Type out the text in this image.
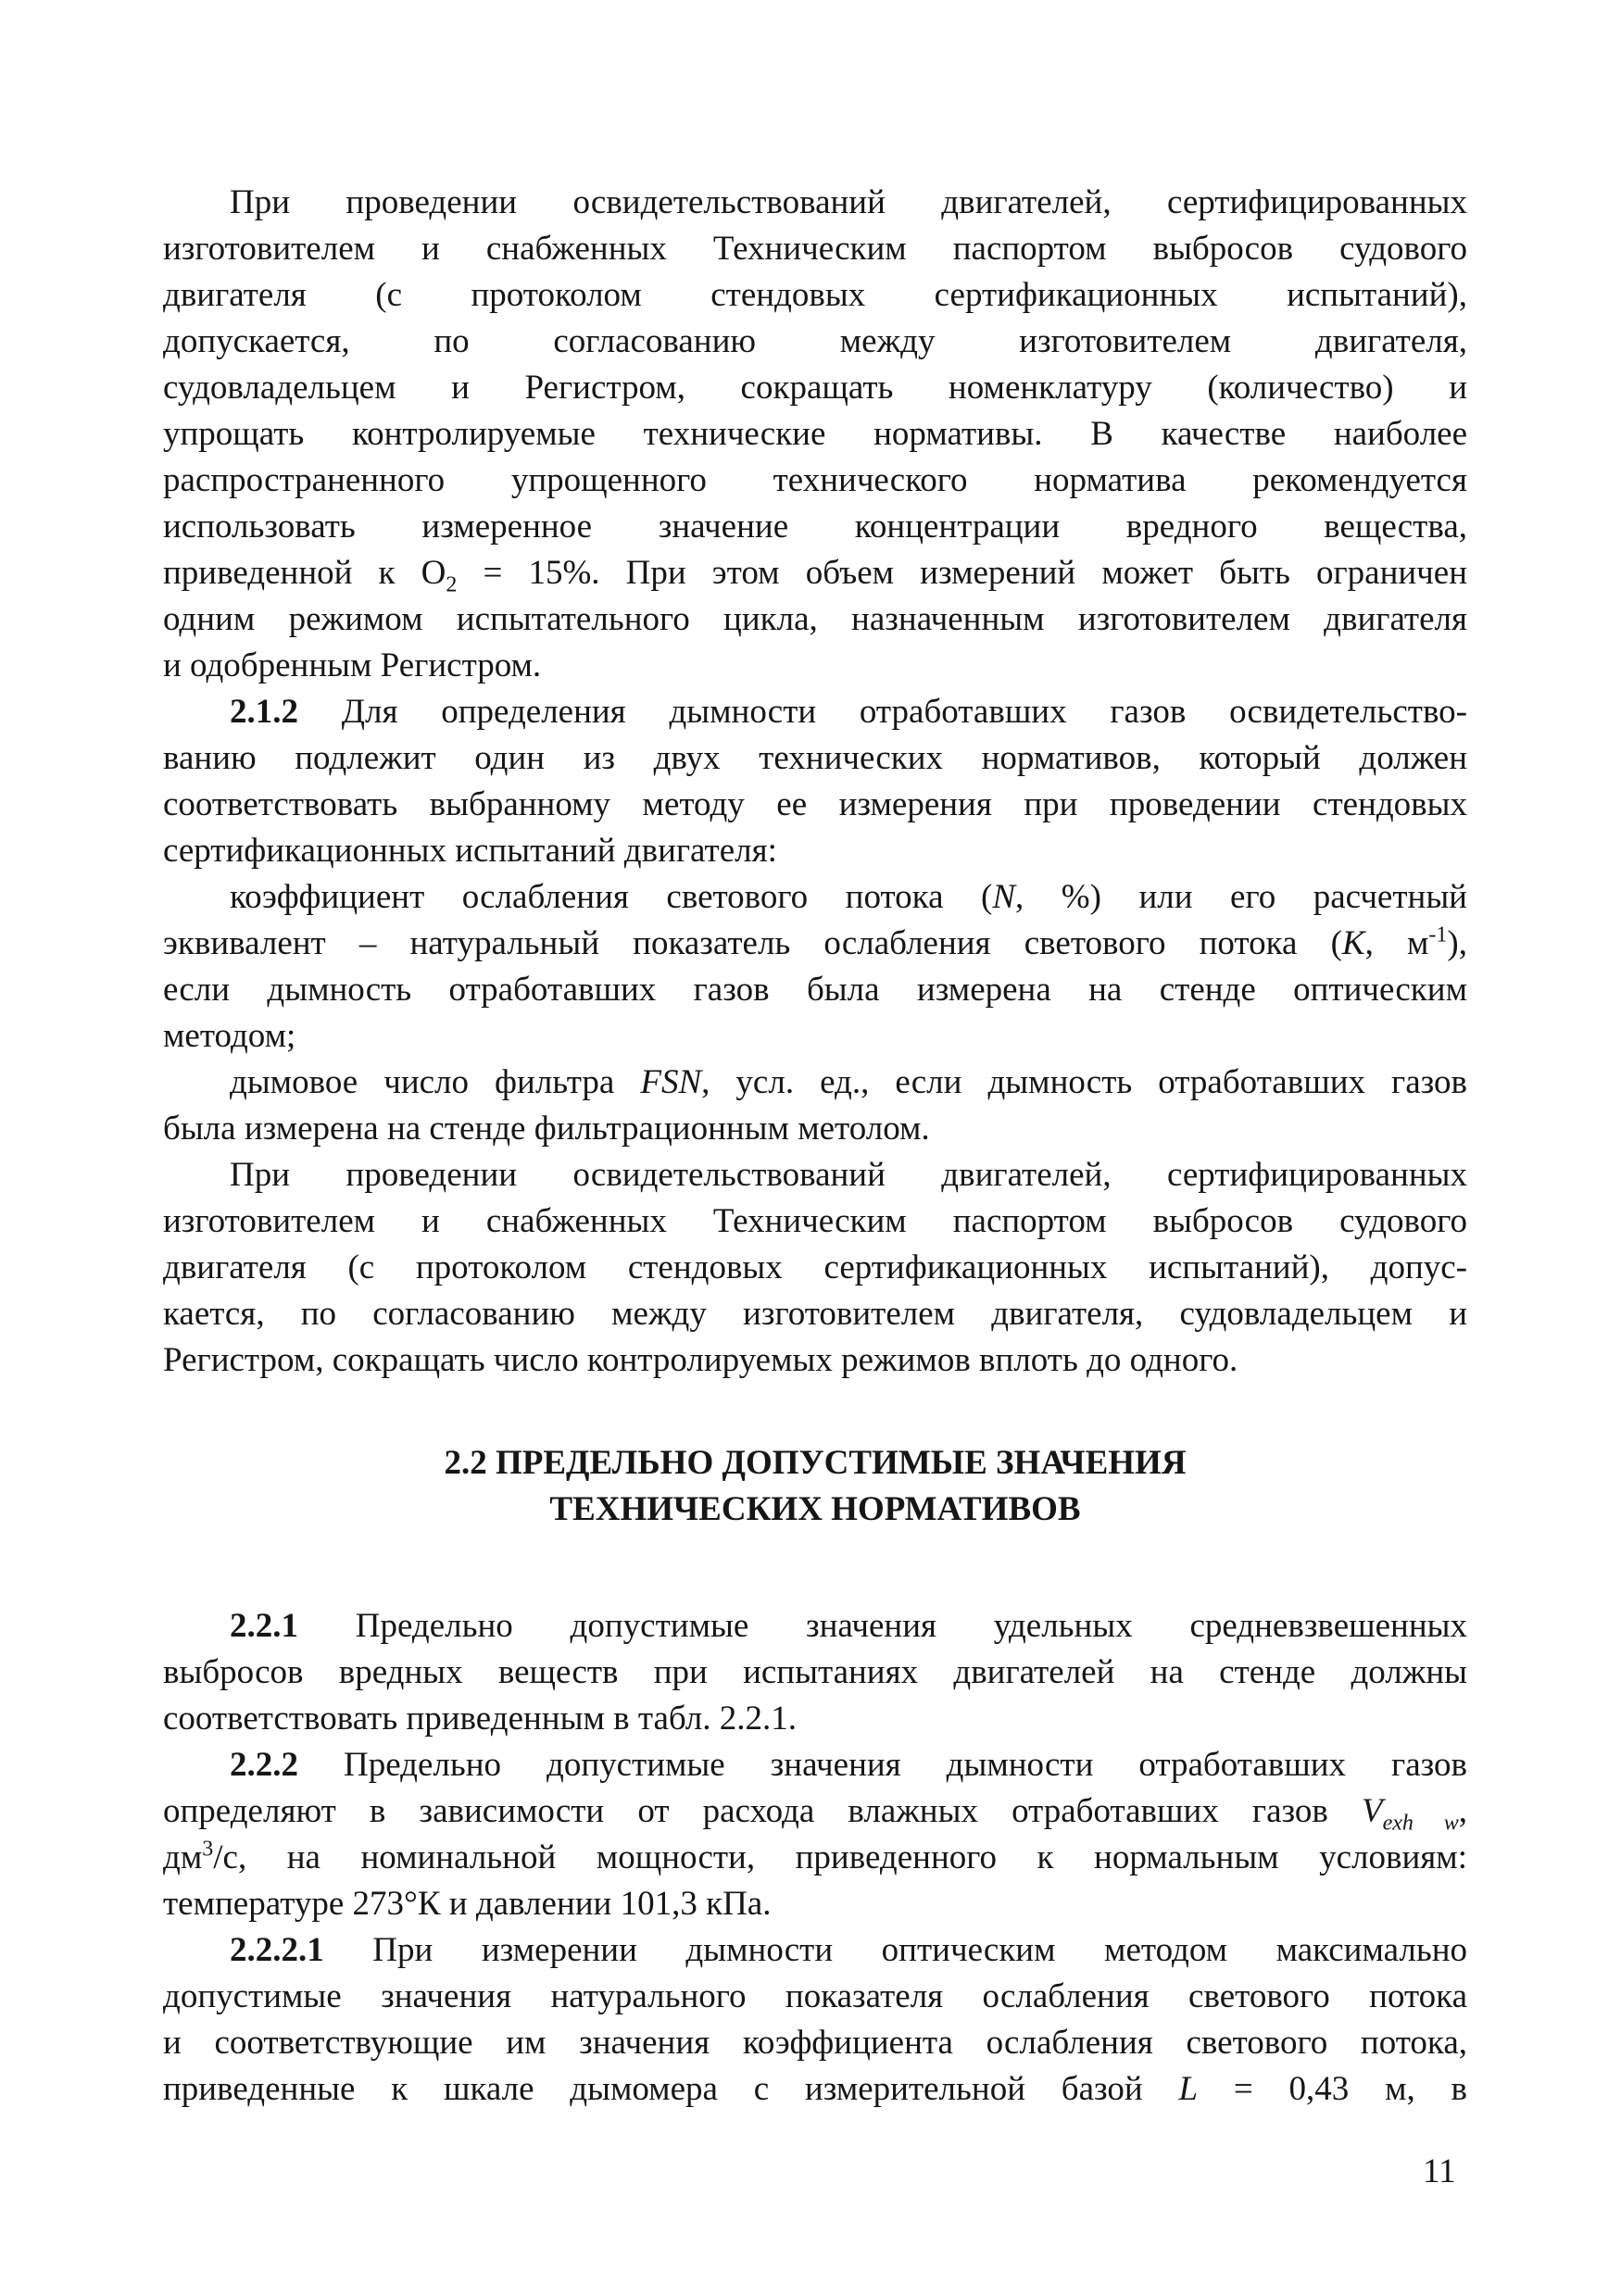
При проведении освидетельствований двигателей, сертифицированных
изготовителем и снабженных Техническим паспортом выбросов судового
двигателя (с протоколом стендовых сертификационных испытаний),
допускается, по согласованию между изготовителем двигателя,
судовладельцем и Регистром, сокращать номенклатуру (количество) и
упрощать контролируемые технические нормативы. В качестве наиболее
распространенного упрощенного технического норматива рекомендуется
использовать измеренное значение концентрации вредного вещества,
приведенной к $O_2 = 15\%$. При этом объем измерений может быть ограничен
одним режимом испытательного цикла, назначенным изготовителем двигателя
и одобренным Регистром.
2.1.2 Для определения дымности отработавших газов освидетельство-
ванию подлежит один из двух технических нормативов, который должен
соответствовать выбранному методу ее измерения при проведении стендовых
сертификационных испытаний двигателя:
коэффициент ослабления светового потока (N, %) или его расчетный
эквивалент – натуральный показатель ослабления светового потока (K, $м^{-1}$),
если дымность отработавших газов была измерена на стенде оптическим
методом;
дымовое число фильтра FSN, усл. ед., если дымность отработавших газов
была измерена на стенде фильтрационным метолом.
При проведении освидетельствований двигателей, сертифицированных
изготовителем и снабженных Техническим паспортом выбросов судового
двигателя (с протоколом стендовых сертификационных испытаний), допус-
кается, по согласованию между изготовителем двигателя, судовладельцем и
Регистром, сокращать число контролируемых режимов вплоть до одного.
2.2 ПРЕДЕЛЬНО ДОПУСТИМЫЕ ЗНАЧЕНИЯ
ТЕХНИЧЕСКИХ НОРМАТИВОВ
2.2.1 Предельно допустимые значения удельных средневзвешенных
выбросов вредных веществ при испытаниях двигателей на стенде должны
соответствовать приведенным в табл. 2.2.1.
2.2.2 Предельно допустимые значения дымности отработавших газов
определяют в зависимости от расхода влажных отработавших газов $V_{exh w}$,
$дм^3/с$, на номинальной мощности, приведенного к нормальным условиям:
температуре 273°К и давлении 101,3 кПа.
2.2.2.1 При измерении дымности оптическим методом максимально
допустимые значения натурального показателя ослабления светового потока
и соответствующие им значения коэффициента ослабления светового потока,
приведенные к шкале дымомера с измерительной базой L = 0,43 м, в
11
